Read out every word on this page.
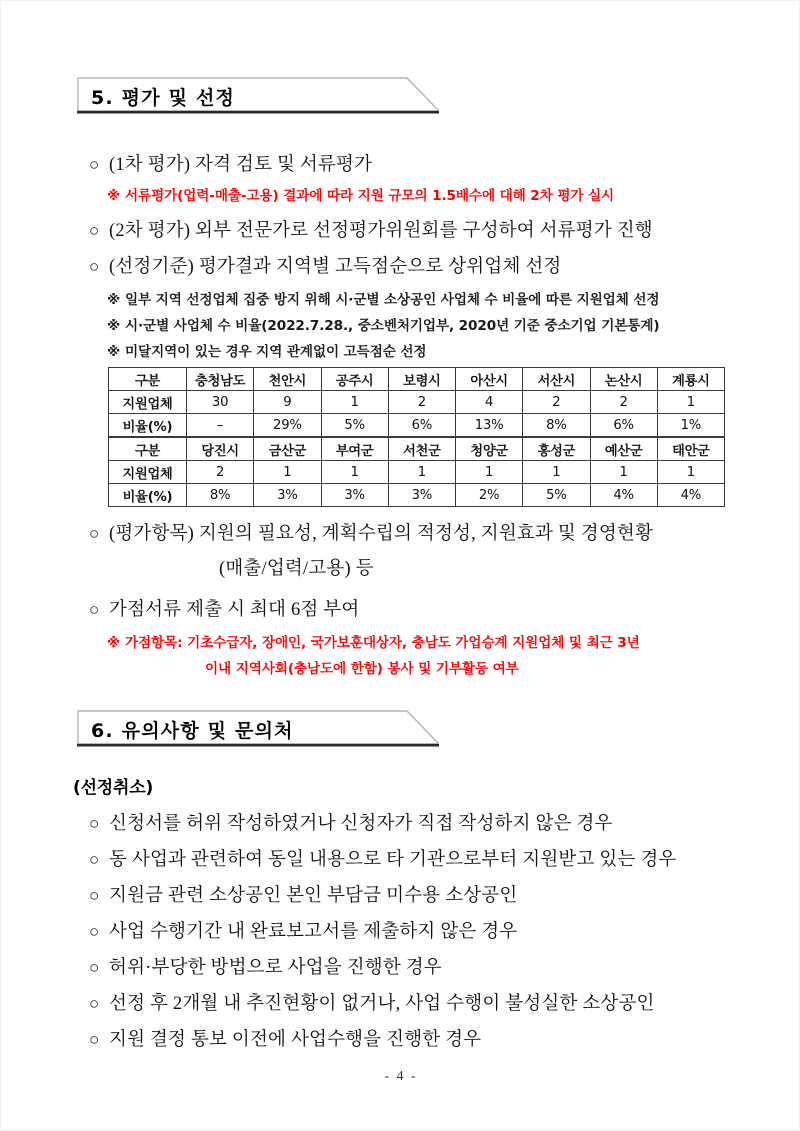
5. 평가 및 선정
○ (1차 평가) 자격 검토 및 서류평가
※ 서류평가(업력-매출-고용) 결과에 따라 지원 규모의 1.5배수에 대해 2차 평가 실시
○ (2차 평가) 외부 전문가로 선정평가위원회를 구성하여 서류평가 진행
○ (선정기준) 평가결과 지역별 고득점순으로 상위업체 선정
※ 일부 지역 선정업체 집중 방지 위해 시·군별 소상공인 사업체 수 비율에 따른 지원업체 선정
※ 시·군별 사업체 수 비율(2022.7.28., 중소벤처기업부, 2020년 기준 중소기업 기본통계)
※ 미달지역이 있는 경우 지역 관계없이 고득점순 선정
구분	충청남도	천안시	공주시	보령시	아산시	서산시	논산시	계룡시
지원업체	30	9	1	2	4	2	2	1
비율(%)	–	29%	5%	6%	13%	8%	6%	1%
구분	당진시	금산군	부여군	서천군	청양군	홍성군	예산군	태안군
지원업체	2	1	1	1	1	1	1	1
비율(%)	8%	3%	3%	3%	2%	5%	4%	4%
○ (평가항목) 지원의 필요성, 계획수립의 적정성, 지원효과 및 경영현황
(매출/업력/고용) 등
○ 가점서류 제출 시 최대 6점 부여
※ 가점항목: 기초수급자, 장애인, 국가보훈대상자, 충남도 가업승계 지원업체 및 최근 3년
이내 지역사회(충남도에 한함) 봉사 및 기부활동 여부
6. 유의사항 및 문의처
(선정취소)
○ 신청서를 허위 작성하였거나 신청자가 직접 작성하지 않은 경우
○ 동 사업과 관련하여 동일 내용으로 타 기관으로부터 지원받고 있는 경우
○ 지원금 관련 소상공인 본인 부담금 미수용 소상공인
○ 사업 수행기간 내 완료보고서를 제출하지 않은 경우
○ 허위·부당한 방법으로 사업을 진행한 경우
○ 선정 후 2개월 내 추진현황이 없거나, 사업 수행이 불성실한 소상공인
○ 지원 결정 통보 이전에 사업수행을 진행한 경우
- 4 -
